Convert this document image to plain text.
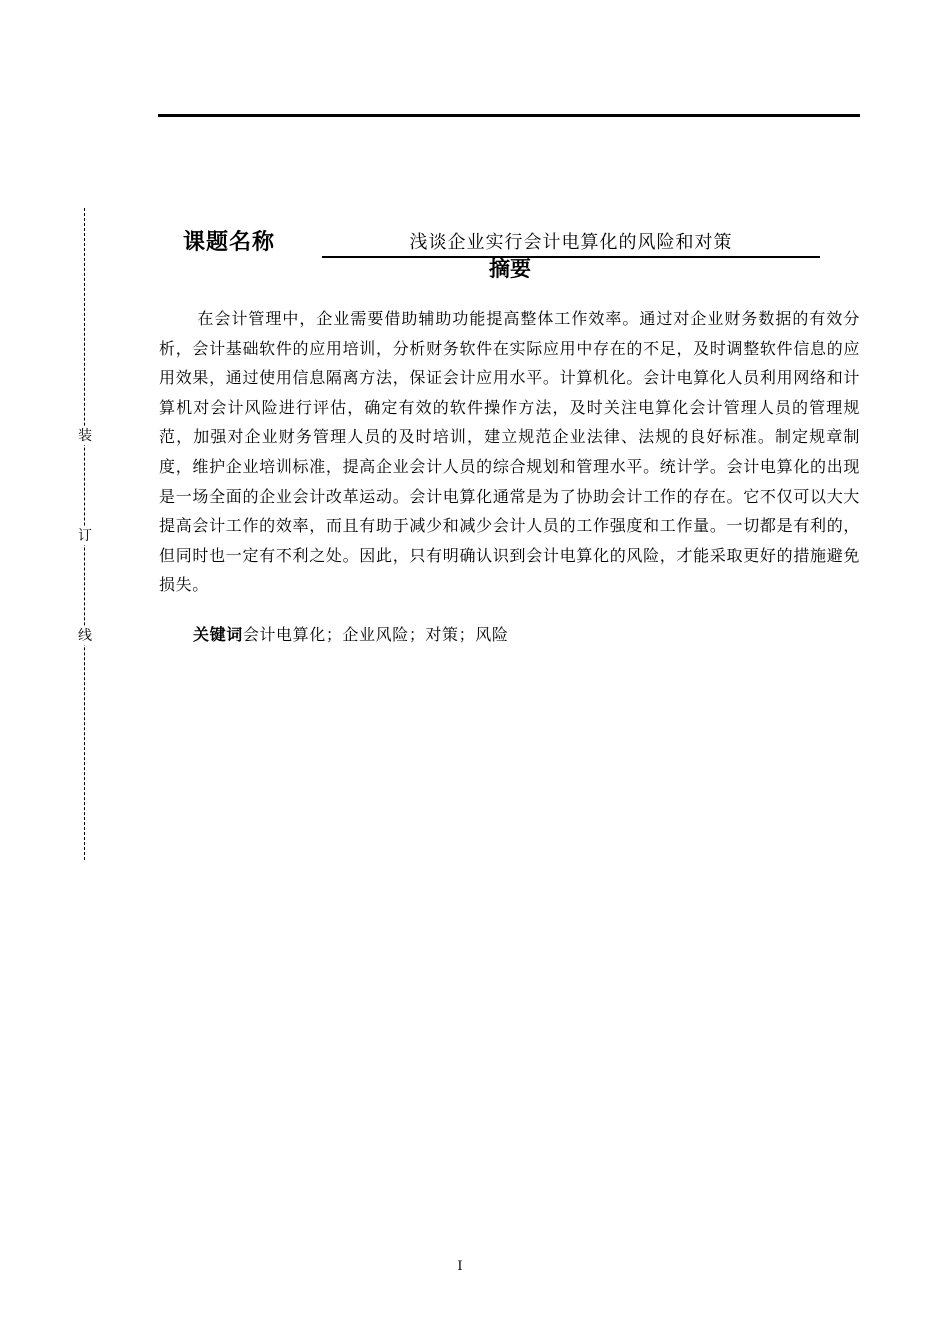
装
订
线
课题名称	浅谈企业实行会计电算化的风险和对策
摘要

在会计管理中，企业需要借助辅助功能提高整体工作效率。通过对企业财务数据的有效分析，会计基础软件的应用培训，分析财务软件在实际应用中存在的不足，及时调整软件信息的应用效果，通过使用信息隔离方法，保证会计应用水平。计算机化。会计电算化人员利用网络和计算机对会计风险进行评估，确定有效的软件操作方法，及时关注电算化会计管理人员的管理规范，加强对企业财务管理人员的及时培训，建立规范企业法律、法规的良好标准。制定规章制度，维护企业培训标准，提高企业会计人员的综合规划和管理水平。统计学。会计电算化的出现是一场全面的企业会计改革运动。会计电算化通常是为了协助会计工作的存在。它不仅可以大大提高会计工作的效率，而且有助于减少和减少会计人员的工作强度和工作量。一切都是有利的，但同时也一定有不利之处。因此，只有明确认识到会计电算化的风险，才能采取更好的措施避免损失。

关键词会计电算化；企业风险；对策；风险
I
